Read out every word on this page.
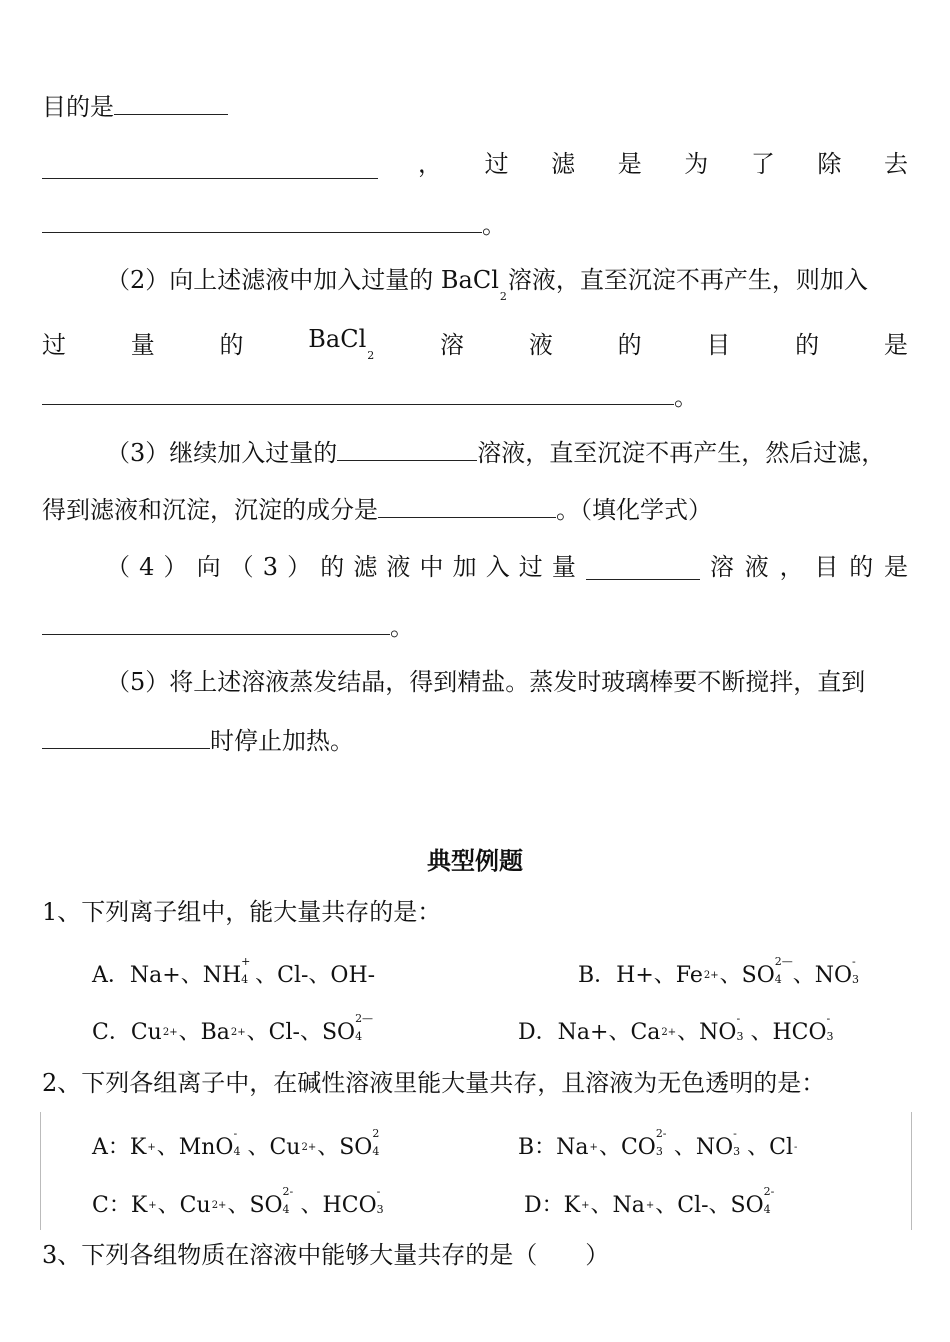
目的是
， 过 滤 是 为 了 除 去
。
（2）向上述滤液中加入过量的 BaCl2溶液，直至沉淀不再产生，则加入
过	量	的	BaCl2	溶	液	的	目	的	是
。
（3）继续加入过量的	溶液，直至沉淀不再产生，然后过滤，
得到滤液和沉淀，沉淀的成分是	。（填化学式）
（ 4 ） 向 （ 3 ） 的 滤 液 中 加 入 过 量	溶 液 ， 目 的 是
。
（5）将上述溶液蒸发结晶，得到精盐。蒸发时玻璃棒要不断搅拌，直到
时停止加热。
典型例题
1、下列离子组中，能大量共存的是：
A．Na+、NH
+
4 、Cl-、OH-	B．H+、Fe2+、SO
2—
4 、NO
-
3
C．Cu2+、Ba2+、Cl-、SO
2—
4	D．Na+、Ca2+、NO
-
3 、HCO
-
3
2、下列各组离子中，在碱性溶液里能大量共存，且溶液为无色透明的是：
A：K+、MnO
-
4 、Cu2+、SO
2
4	B：Na+、CO
2-
3 、NO
-
3 、Cl-
C：K+、Cu2+、SO
2-
4 、HCO
-
3	D：K+、Na+、Cl-、SO
2-
4
3、下列各组物质在溶液中能够大量共存的是（　　）
